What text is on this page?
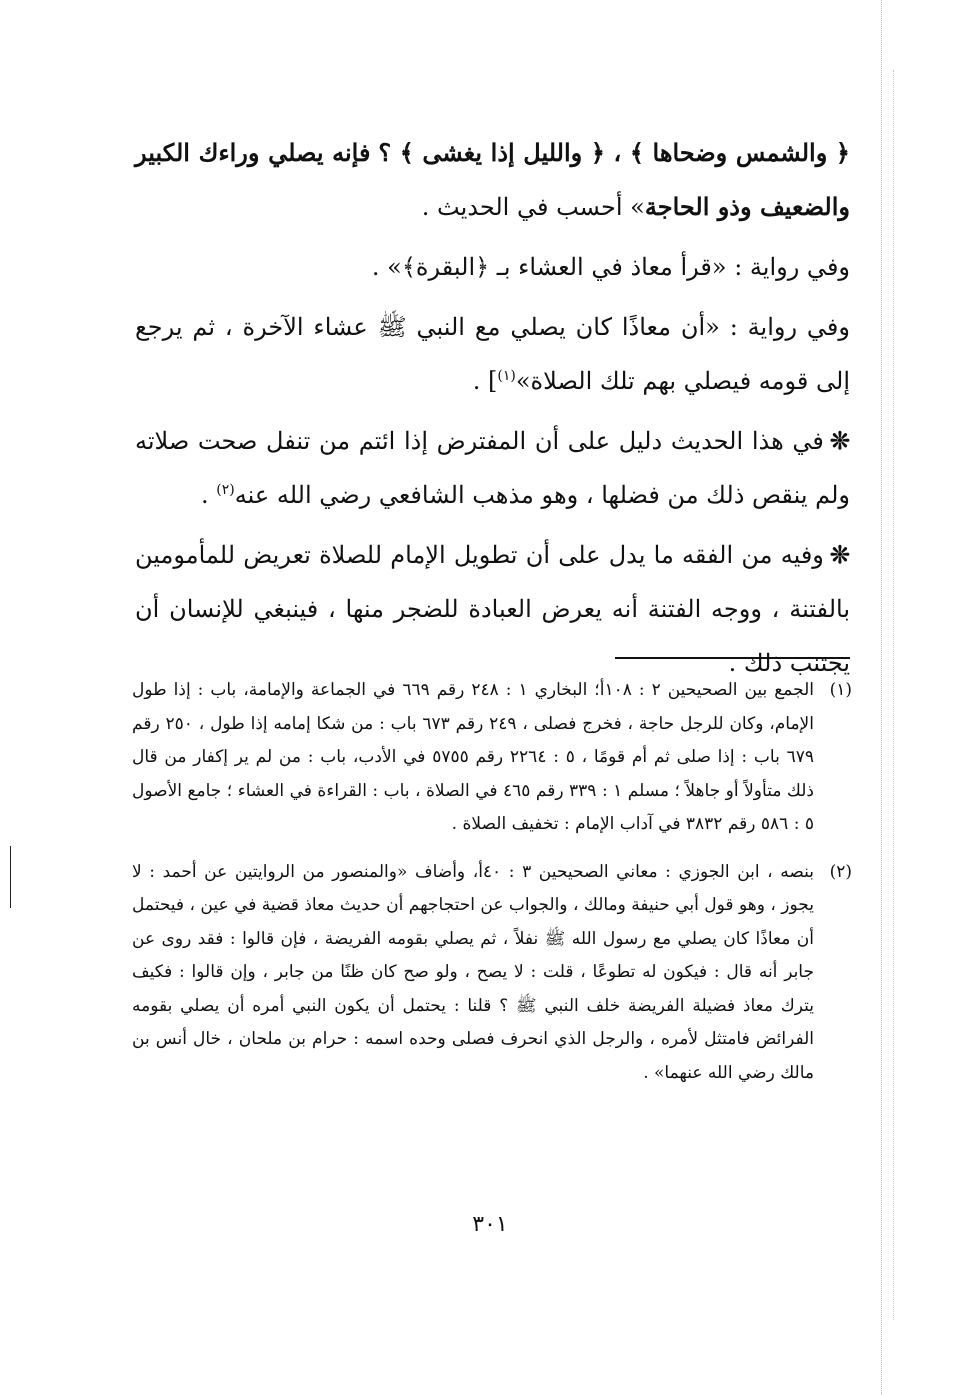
﴿ والشمس وضحاها ﴾ ، ﴿ والليل إذا يغشى ﴾ ؟ فإنه يصلي وراءك الكبير والضعيف وذو الحاجة» أحسب في الحديث .

وفي رواية : «قرأ معاذ في العشاء بـ ﴿البقرة﴾» .

وفي رواية : «أن معاذًا كان يصلي مع النبي ﷺ عشاء الآخرة ، ثم يرجع إلى قومه فيصلي بهم تلك الصلاة»$^{(١)}$] .

❊في هذا الحديث دليل على أن المفترض إذا ائتم من تنفل صحت صلاته ولم ينقص ذلك من فضلها ، وهو مذهب الشافعي رضي الله عنه$^{(٢)}$ .

❊وفيه من الفقه ما يدل على أن تطويل الإمام للصلاة تعريض للمأمومين بالفتنة ، ووجه الفتنة أنه يعرض العبادة للضجر منها ، فينبغي للإنسان أن يجتنب ذلك .

(١)
الجمع بين الصحيحين ٢ : ١٠٨أ؛ البخاري ١ : ٢٤٨ رقم ٦٦٩ في الجماعة والإمامة، باب : إذا طول الإمام، وكان للرجل حاجة ، فخرج فصلى ، ٢٤٩ رقم ٦٧٣ باب : من شكا إمامه إذا طول ، ٢٥٠ رقم ٦٧٩ باب : إذا صلى ثم أم قومًا ، ٥ : ٢٢٦٤ رقم ٥٧٥٥ في الأدب، باب : من لم ير إكفار من قال ذلك متأولاً أو جاهلاً ؛ مسلم ١ : ٣٣٩ رقم ٤٦٥ في الصلاة ، باب : القراءة في العشاء ؛ جامع الأصول ٥ : ٥٨٦ رقم ٣٨٣٢ في آداب الإمام : تخفيف الصلاة .
(٢)
بنصه ، ابن الجوزي : معاني الصحيحين ٣ : ٤٠أ، وأضاف «والمنصور من الروايتين عن أحمد : لا يجوز ، وهو قول أبي حنيفة ومالك ، والجواب عن احتجاجهم أن حديث معاذ قضية في عين ، فيحتمل أن معاذًا كان يصلي مع رسول الله ﷺ نفلاً ، ثم يصلي بقومه الفريضة ، فإن قالوا : فقد روى عن جابر أنه قال : فيكون له تطوعًا ، قلت : لا يصح ، ولو صح كان ظنًا من جابر ، وإن قالوا : فكيف يترك معاذ فضيلة الفريضة خلف النبي ﷺ ؟ قلنا : يحتمل أن يكون النبي أمره أن يصلي بقومه الفرائض فامتثل لأمره ، والرجل الذي انحرف فصلى وحده اسمه : حرام بن ملحان ، خال أنس بن مالك رضي الله عنهما» .
٣٠١
